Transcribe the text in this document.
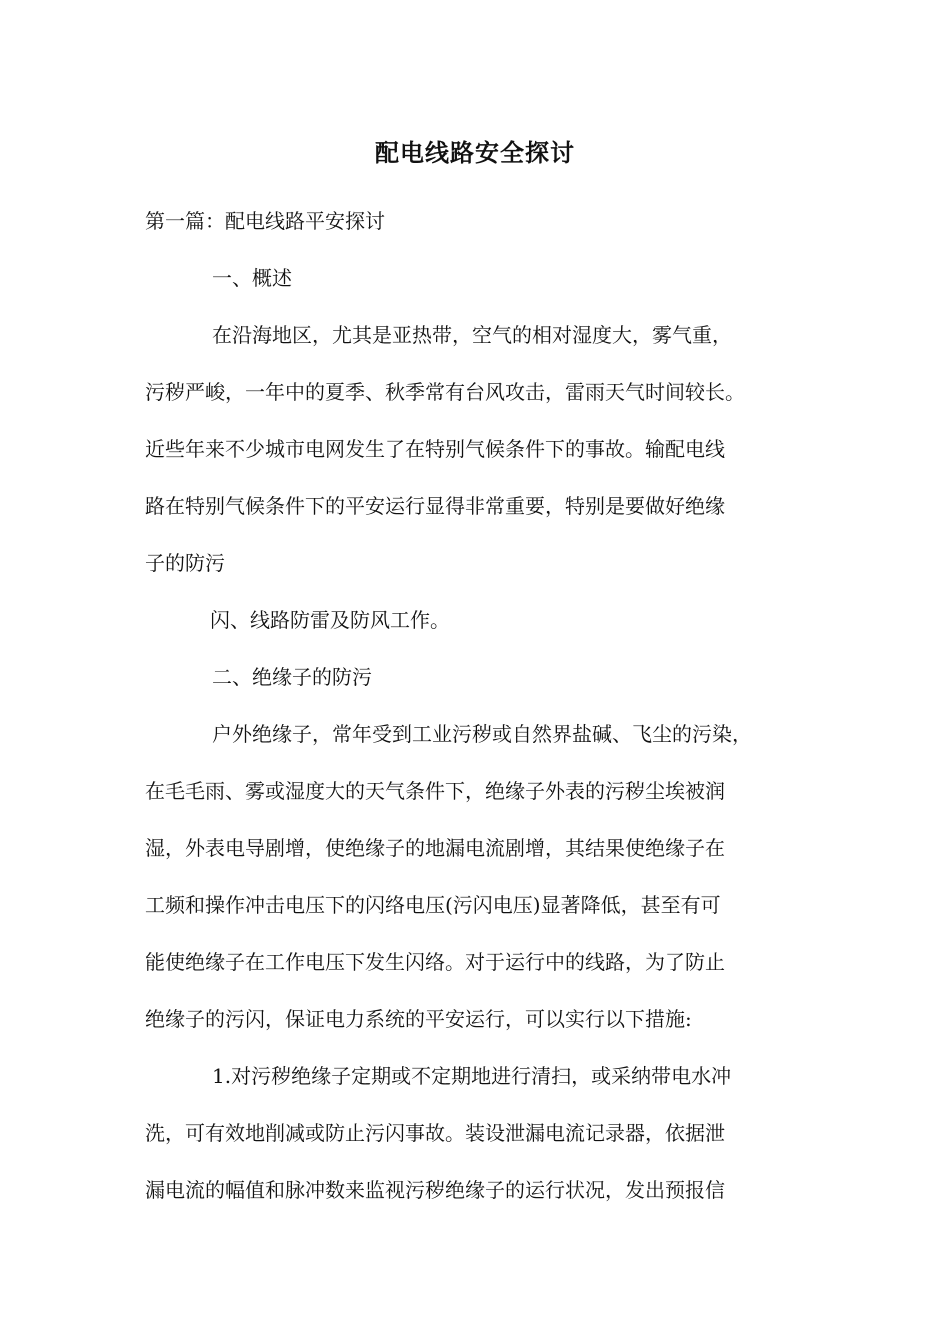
配电线路安全探讨
第一篇：配电线路平安探讨
一、概述
在沿海地区，尤其是亚热带，空气的相对湿度大，雾气重，
污秽严峻，一年中的夏季、秋季常有台风攻击，雷雨天气时间较长。
近些年来不少城市电网发生了在特别气候条件下的事故。输配电线
路在特别气候条件下的平安运行显得非常重要，特别是要做好绝缘
子的防污
闪、线路防雷及防风工作。
二、绝缘子的防污
户外绝缘子，常年受到工业污秽或自然界盐碱、飞尘的污染，
在毛毛雨、雾或湿度大的天气条件下，绝缘子外表的污秽尘埃被润
湿，外表电导剧增，使绝缘子的地漏电流剧增，其结果使绝缘子在
工频和操作冲击电压下的闪络电压(污闪电压)显著降低，甚至有可
能使绝缘子在工作电压下发生闪络。对于运行中的线路，为了防止
绝缘子的污闪，保证电力系统的平安运行，可以实行以下措施:
1.对污秽绝缘子定期或不定期地进行清扫，或采纳带电水冲
洗，可有效地削减或防止污闪事故。装设泄漏电流记录器，依据泄
漏电流的幅值和脉冲数来监视污秽绝缘子的运行状况，发出预报信
